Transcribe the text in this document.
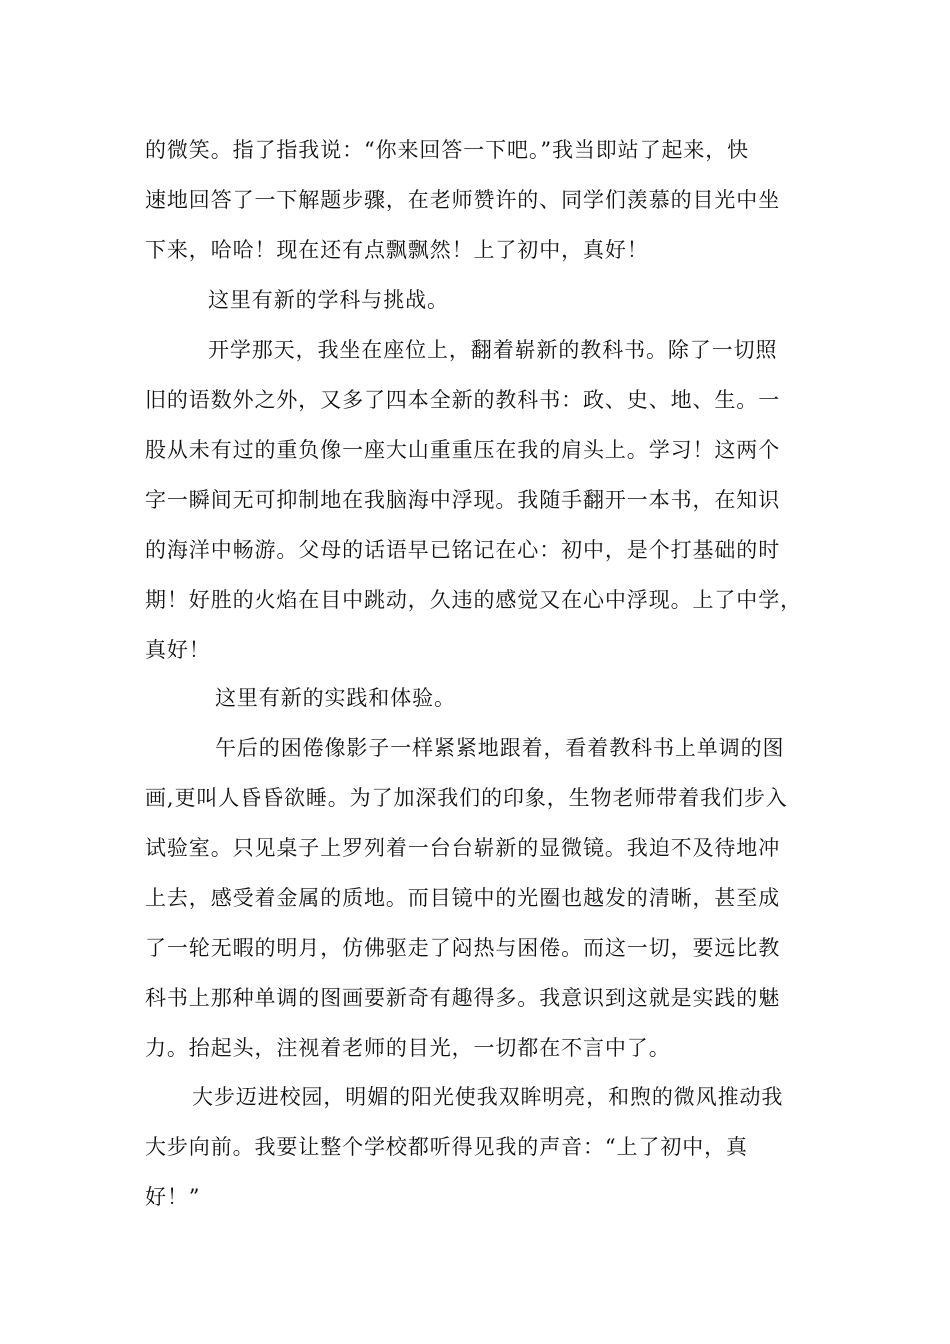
的微笑。指了指我说：“你来回答一下吧。”我当即站了起来，快
速地回答了一下解题步骤，在老师赞许的、同学们羡慕的目光中坐
下来，哈哈！现在还有点飘飘然！上了初中，真好！
这里有新的学科与挑战。
开学那天，我坐在座位上，翻着崭新的教科书。除了一切照
旧的语数外之外，又多了四本全新的教科书：政、史、地、生。一
股从未有过的重负像一座大山重重压在我的肩头上。学习！这两个
字一瞬间无可抑制地在我脑海中浮现。我随手翻开一本书，在知识
的海洋中畅游。父母的话语早已铭记在心：初中，是个打基础的时
期！好胜的火焰在目中跳动，久违的感觉又在心中浮现。上了中学，
真好！
这里有新的实践和体验。
午后的困倦像影子一样紧紧地跟着，看着教科书上单调的图
画,更叫人昏昏欲睡。为了加深我们的印象，生物老师带着我们步入
试验室。只见桌子上罗列着一台台崭新的显微镜。我迫不及待地冲
上去，感受着金属的质地。而目镜中的光圈也越发的清晰，甚至成
了一轮无暇的明月，仿佛驱走了闷热与困倦。而这一切，要远比教
科书上那种单调的图画要新奇有趣得多。我意识到这就是实践的魅
力。抬起头，注视着老师的目光，一切都在不言中了。
大步迈进校园，明媚的阳光使我双眸明亮，和煦的微风推动我
大步向前。我要让整个学校都听得见我的声音：“上了初中，真
好！”
